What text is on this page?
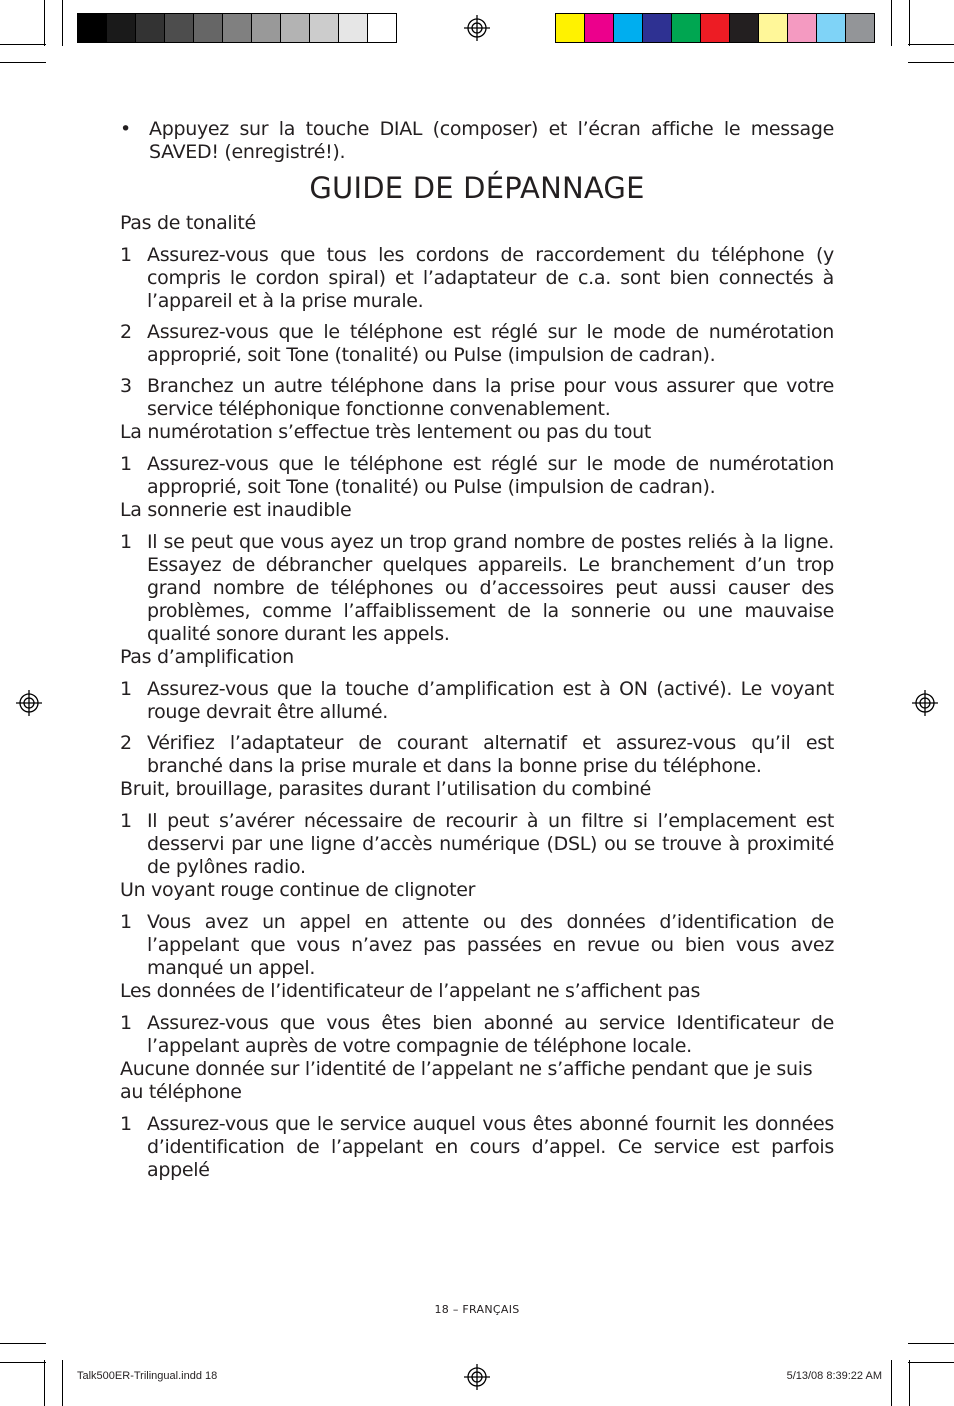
• Appuyez sur la touche DIAL (composer) et l’écran affiche le message SAVED! (enregistré!).
GUIDE DE DÉPANNAGE
Pas de tonalité
1 Assurez-vous que tous les cordons de raccordement du téléphone (y compris le cordon spiral) et l’adaptateur de c.a. sont bien connectés à l’appareil et à la prise murale.
2 Assurez-vous que le téléphone est réglé sur le mode de numérotation approprié, soit Tone (tonalité) ou Pulse (impulsion de cadran).
3 Branchez un autre téléphone dans la prise pour vous assurer que votre service téléphonique fonctionne convenablement.
La numérotation s’effectue très lentement ou pas du tout
1 Assurez-vous que le téléphone est réglé sur le mode de numérotation approprié, soit Tone (tonalité) ou Pulse (impulsion de cadran).
La sonnerie est inaudible
1 Il se peut que vous ayez un trop grand nombre de postes reliés à la ligne. Essayez de débrancher quelques appareils. Le branchement d’un trop grand nombre de téléphones ou d’accessoires peut aussi causer des problèmes, comme l’affaiblissement de la sonnerie ou une mauvaise qualité sonore durant les appels.
Pas d’amplification
1 Assurez-vous que la touche d’amplification est à ON (activé). Le voyant rouge devrait être allumé.
2 Vérifiez l’adaptateur de courant alternatif et assurez-vous qu’il est branché dans la prise murale et dans la bonne prise du téléphone.
Bruit, brouillage, parasites durant l’utilisation du combiné
1 Il peut s’avérer nécessaire de recourir à un filtre si l’emplacement est desservi par une ligne d’accès numérique (DSL) ou se trouve à proximité de pylônes radio.
Un voyant rouge continue de clignoter
1 Vous avez un appel en attente ou des données d’identification de l’appelant que vous n’avez pas passées en revue ou bien vous avez manqué un appel.
Les données de l’identificateur de l’appelant ne s’affichent pas
1 Assurez-vous que vous êtes bien abonné au service Identificateur de l’appelant auprès de votre compagnie de téléphone locale.
Aucune donnée sur l’identité de l’appelant ne s’affiche pendant que je suis au téléphone
1 Assurez-vous que le service auquel vous êtes abonné fournit les données d’identification de l’appelant en cours d’appel. Ce service est parfois appelé
18 – FRANÇAIS
Talk500ER-Trilingual.indd 18	5/13/08 8:39:22 AM
